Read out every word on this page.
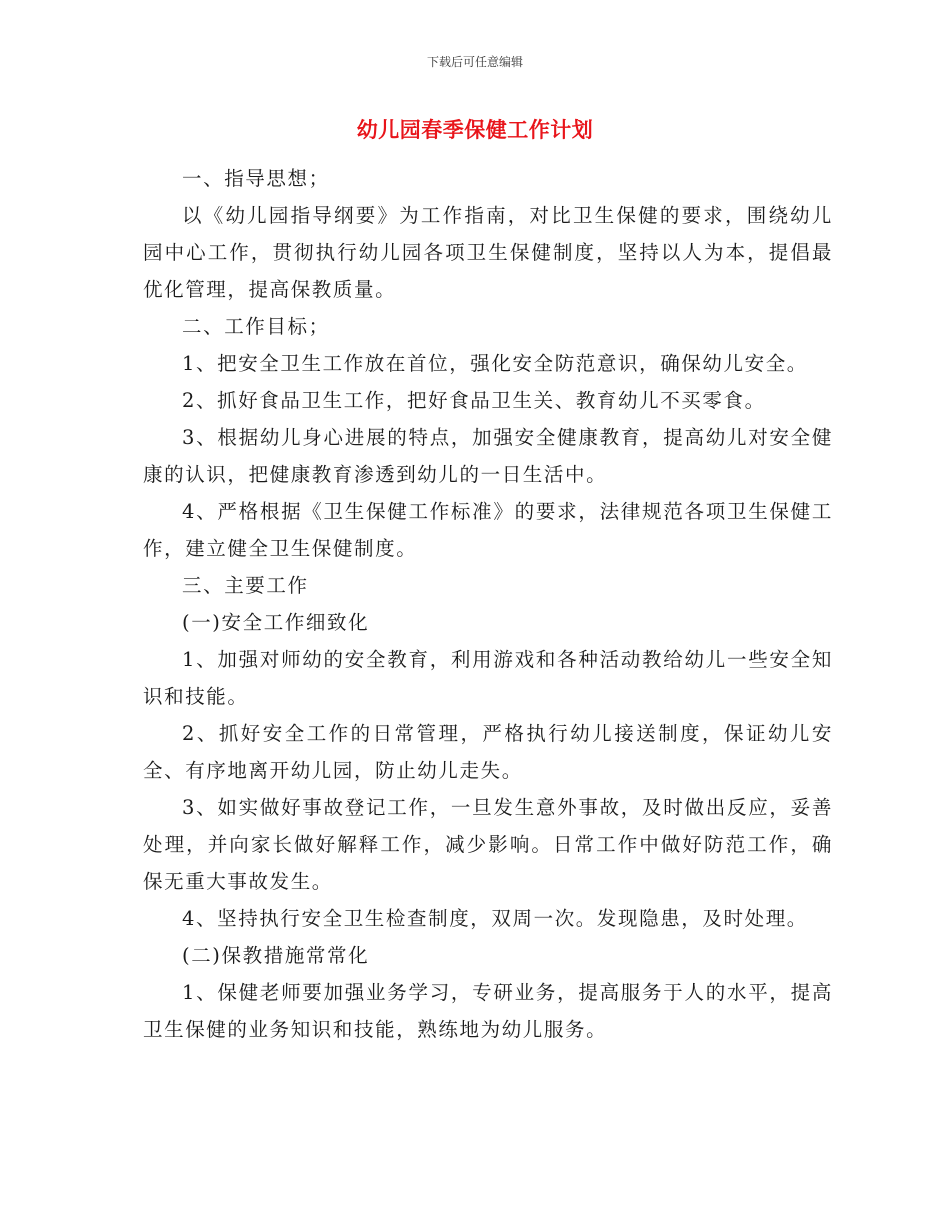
下载后可任意编辑
幼儿园春季保健工作计划

一、指导思想；

以《幼儿园指导纲要》为工作指南，对比卫生保健的要求，围绕幼儿园中心工作，贯彻执行幼儿园各项卫生保健制度，坚持以人为本，提倡最优化管理，提高保教质量。

二、工作目标；

1、把安全卫生工作放在首位，强化安全防范意识，确保幼儿安全。

2、抓好食品卫生工作，把好食品卫生关、教育幼儿不买零食。

3、根据幼儿身心进展的特点，加强安全健康教育，提高幼儿对安全健康的认识，把健康教育渗透到幼儿的一日生活中。

4、严格根据《卫生保健工作标准》的要求，法律规范各项卫生保健工作，建立健全卫生保健制度。

三、主要工作

(一)安全工作细致化

1、加强对师幼的安全教育，利用游戏和各种活动教给幼儿一些安全知识和技能。

2、抓好安全工作的日常管理，严格执行幼儿接送制度，保证幼儿安全、有序地离开幼儿园，防止幼儿走失。

3、如实做好事故登记工作，一旦发生意外事故，及时做出反应，妥善处理，并向家长做好解释工作，减少影响。日常工作中做好防范工作，确保无重大事故发生。

4、坚持执行安全卫生检查制度，双周一次。发现隐患，及时处理。

(二)保教措施常常化

1、保健老师要加强业务学习，专研业务，提高服务于人的水平，提高卫生保健的业务知识和技能，熟练地为幼儿服务。
